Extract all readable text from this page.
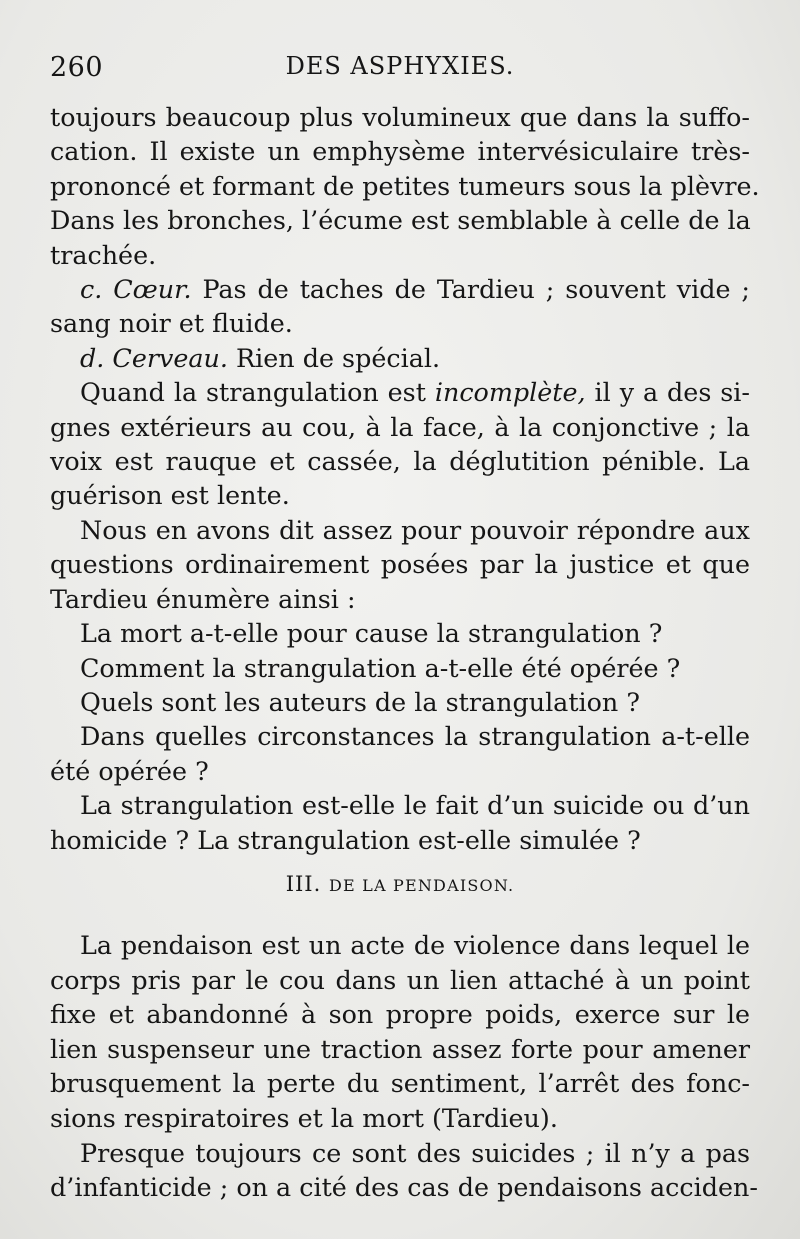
260	DES ASPHYXIES.

toujours beaucoup plus volumineux que dans la suffo-
cation. Il existe un emphysème intervésiculaire très-
prononcé et formant de petites tumeurs sous la plèvre.
Dans les bronches, l’écume est semblable à celle de la
trachée.

c. Cœur. Pas de taches de Tardieu ; souvent vide ;
sang noir et fluide.

d. Cerveau. Rien de spécial.

Quand la strangulation est incomplète, il y a des si-
gnes extérieurs au cou, à la face, à la conjonctive ; la
voix est rauque et cassée, la déglutition pénible. La
guérison est lente.

Nous en avons dit assez pour pouvoir répondre aux
questions ordinairement posées par la justice et que
Tardieu énumère ainsi :

La mort a-t-elle pour cause la strangulation ?

Comment la strangulation a-t-elle été opérée ?

Quels sont les auteurs de la strangulation ?

Dans quelles circonstances la strangulation a-t-elle
été opérée ?

La strangulation est-elle le fait d’un suicide ou d’un
homicide ? La strangulation est-elle simulée ?

III. DE LA PENDAISON.

La pendaison est un acte de violence dans lequel le
corps pris par le cou dans un lien attaché à un point
fixe et abandonné à son propre poids, exerce sur le
lien suspenseur une traction assez forte pour amener
brusquement la perte du sentiment, l’arrêt des fonc-
sions respiratoires et la mort (Tardieu).

Presque toujours ce sont des suicides ; il n’y a pas
d’infanticide ; on a cité des cas de pendaisons acciden-
